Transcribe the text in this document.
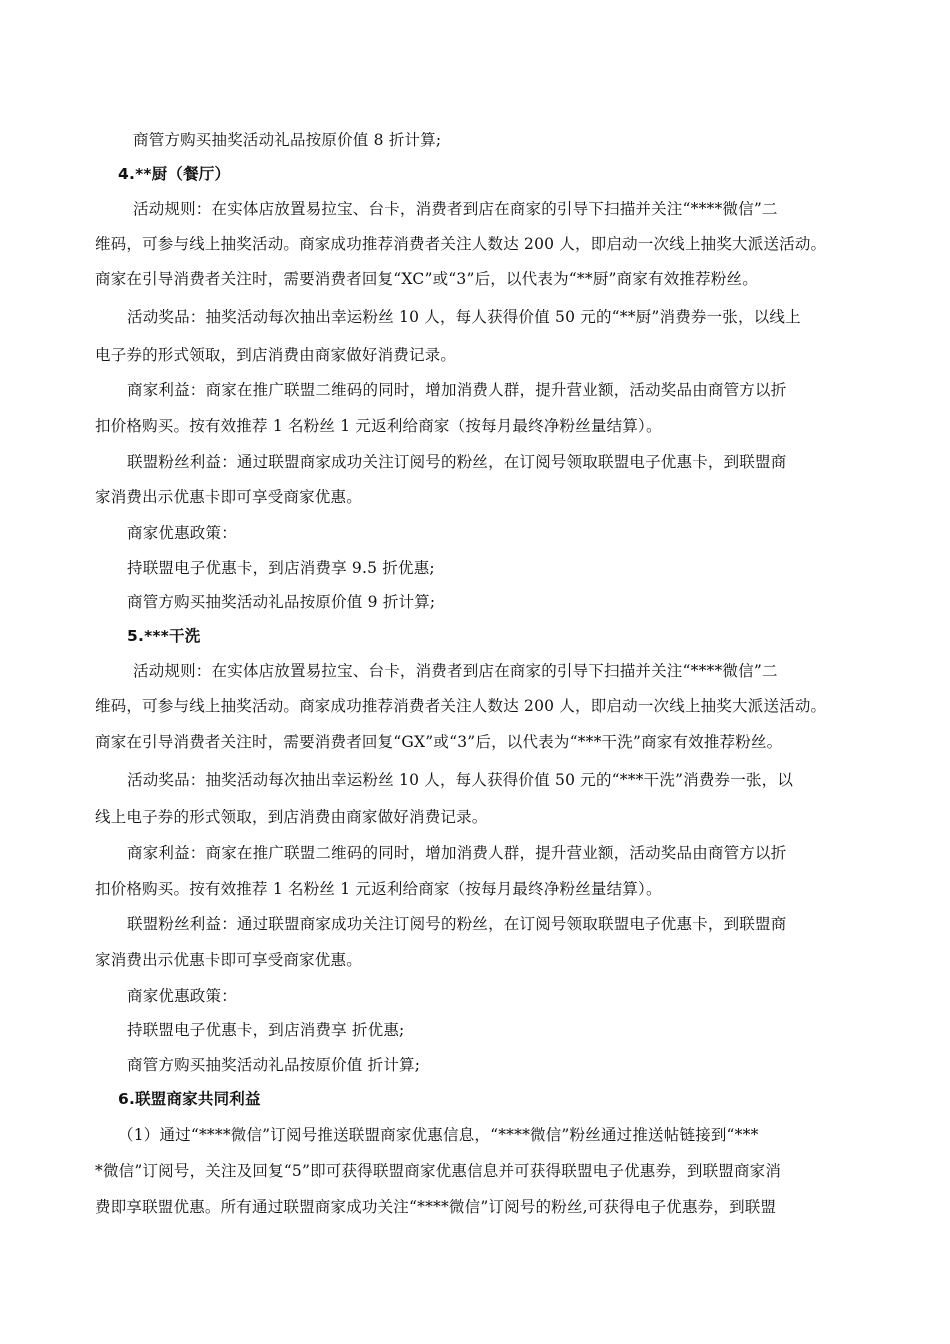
商管方购买抽奖活动礼品按原价值 8 折计算;
4.**厨（餐厅）
活动规则：在实体店放置易拉宝、台卡，消费者到店在商家的引导下扫描并关注“****微信”二
维码，可参与线上抽奖活动。商家成功推荐消费者关注人数达 200 人，即启动一次线上抽奖大派送活动。
商家在引导消费者关注时，需要消费者回复“XC”或“3”后，以代表为“**厨”商家有效推荐粉丝。
活动奖品：抽奖活动每次抽出幸运粉丝 10 人，每人获得价值 50 元的“**厨”消费券一张，以线上
电子券的形式领取，到店消费由商家做好消费记录。
商家利益：商家在推广联盟二维码的同时，增加消费人群，提升营业额，活动奖品由商管方以折
扣价格购买。按有效推荐 1 名粉丝 1 元返利给商家（按每月最终净粉丝量结算）。
联盟粉丝利益：通过联盟商家成功关注订阅号的粉丝，在订阅号领取联盟电子优惠卡，到联盟商
家消费出示优惠卡即可享受商家优惠。
商家优惠政策：
持联盟电子优惠卡，到店消费享 9.5 折优惠;
商管方购买抽奖活动礼品按原价值 9 折计算;
5.***干洗
活动规则：在实体店放置易拉宝、台卡，消费者到店在商家的引导下扫描并关注“****微信”二
维码，可参与线上抽奖活动。商家成功推荐消费者关注人数达 200 人，即启动一次线上抽奖大派送活动。
商家在引导消费者关注时，需要消费者回复“GX”或“3”后，以代表为“***干洗”商家有效推荐粉丝。
活动奖品：抽奖活动每次抽出幸运粉丝 10 人，每人获得价值 50 元的“***干洗”消费券一张，以
线上电子券的形式领取，到店消费由商家做好消费记录。
商家利益：商家在推广联盟二维码的同时，增加消费人群，提升营业额，活动奖品由商管方以折
扣价格购买。按有效推荐 1 名粉丝 1 元返利给商家（按每月最终净粉丝量结算）。
联盟粉丝利益：通过联盟商家成功关注订阅号的粉丝，在订阅号领取联盟电子优惠卡，到联盟商
家消费出示优惠卡即可享受商家优惠。
商家优惠政策：
持联盟电子优惠卡，到店消费享 折优惠;
商管方购买抽奖活动礼品按原价值 折计算;
6.联盟商家共同利益
（1）通过“****微信”订阅号推送联盟商家优惠信息，“****微信”粉丝通过推送帖链接到“***
*微信”订阅号，关注及回复“5”即可获得联盟商家优惠信息并可获得联盟电子优惠券，到联盟商家消
费即享联盟优惠。所有通过联盟商家成功关注“****微信”订阅号的粉丝,可获得电子优惠券，到联盟
